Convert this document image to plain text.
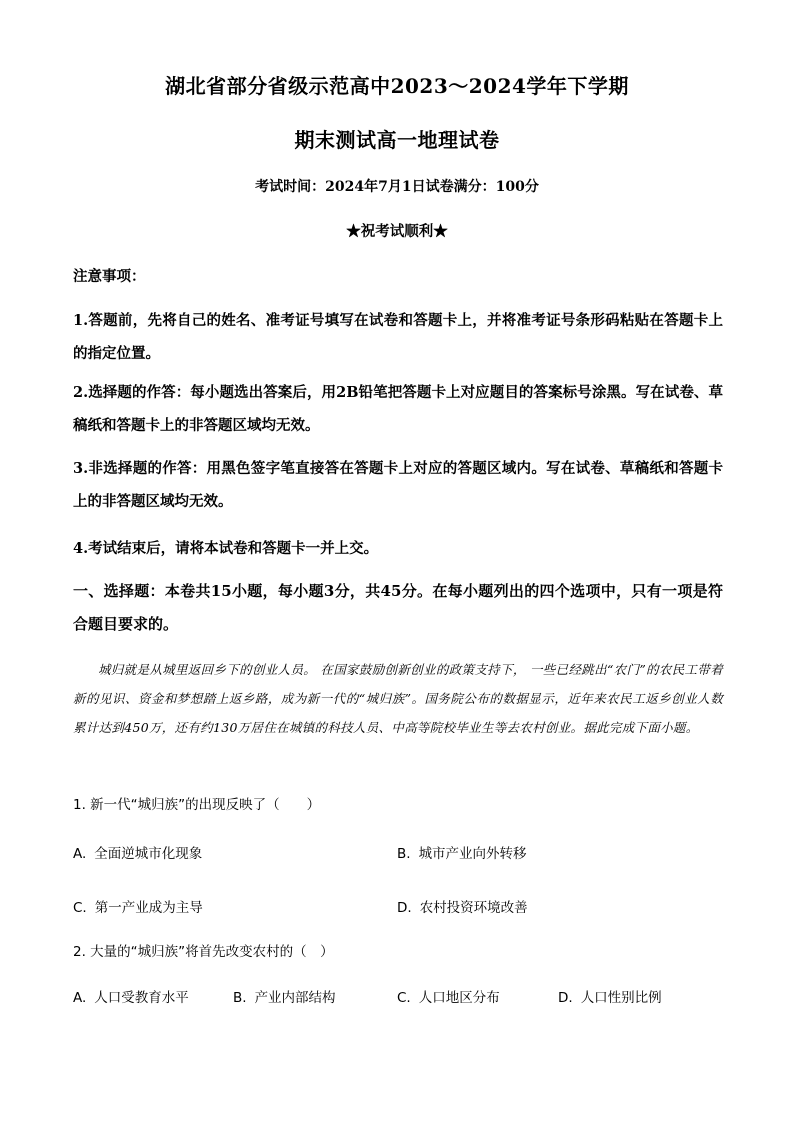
湖北省部分省级示范高中2023～2024学年下学期
期末测试高一地理试卷
考试时间：2024年7月1日试卷满分：100分
★祝考试顺利★
注意事项：
1.答题前，先将自己的姓名、准考证号填写在试卷和答题卡上，并将准考证号条形码粘贴在答题卡上的指定位置。
2.选择题的作答：每小题选出答案后，用2B铅笔把答题卡上对应题目的答案标号涂黑。写在试卷、草稿纸和答题卡上的非答题区域均无效。
3.非选择题的作答：用黑色签字笔直接答在答题卡上对应的答题区域内。写在试卷、草稿纸和答题卡上的非答题区域均无效。
4.考试结束后，请将本试卷和答题卡一并上交。
一、选择题：本卷共15小题，每小题3分，共45分。在每小题列出的四个选项中，只有一项是符合题目要求的。
城归就是从城里返回乡下的创业人员。 在国家鼓励创新创业的政策支持下， 一些已经跳出“农门”的农民工带着新的见识、资金和梦想踏上返乡路，成为新一代的“城归族”。国务院公布的数据显示，近年来农民工返乡创业人数累计达到450万，还有约130万居住在城镇的科技人员、中高等院校毕业生等去农村创业。据此完成下面小题。
1. 新一代“城归族”的出现反映了（　　）
A. 全面逆城市化现象	B. 城市产业向外转移
C. 第一产业成为主导	D. 农村投资环境改善
2. 大量的“城归族”将首先改变农村的（　）
A. 人口受教育水平	B. 产业内部结构	C. 人口地区分布	D. 人口性别比例
